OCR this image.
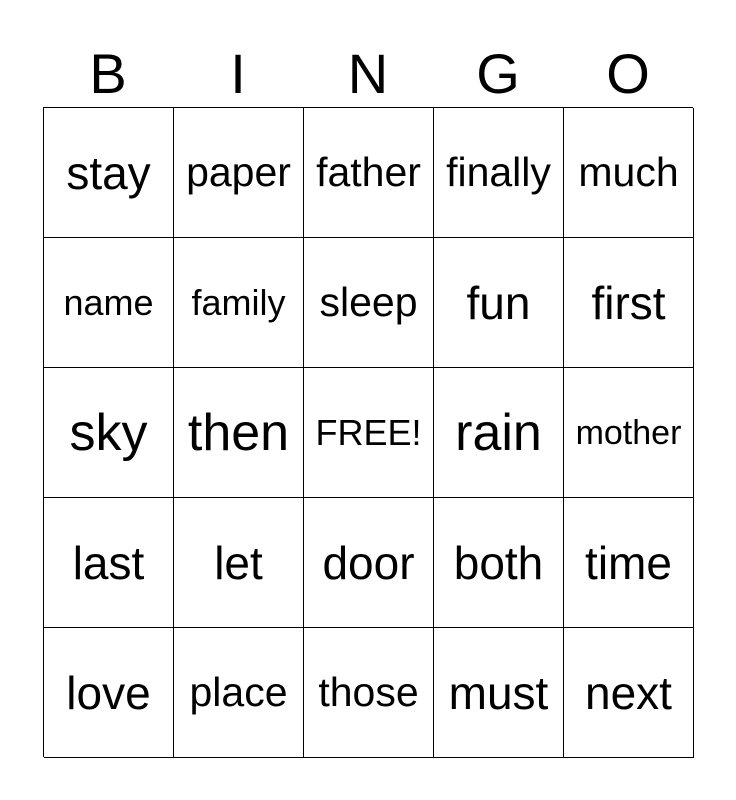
B	I	N	G	O
stay paper father finally much
name	family sleep	fun	first
sky then FREE! rain mother
last	let	door both time
love place those must next
